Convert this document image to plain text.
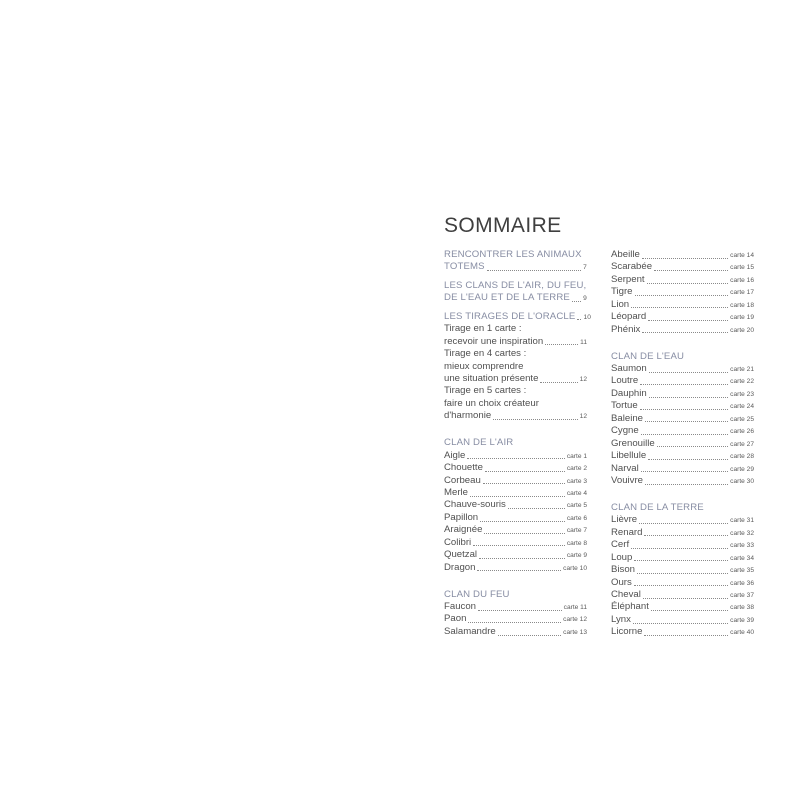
SOMMAIRE
RENCONTRER LES ANIMAUX
TOTEMS	7
LES CLANS DE L'AIR, DU FEU,
DE L'EAU ET DE LA TERRE 9
LES TIRAGES DE L'ORACLE 10
Tirage en 1 carte :
recevoir une inspiration	11
Tirage en 4 cartes :
mieux comprendre
une situation présente	12
Tirage en 5 cartes :
faire un choix créateur
d'harmonie	12
CLAN DE L'AIR
Aigle	carte 1
Chouette	carte 2
Corbeau	carte 3
Merle	carte 4
Chauve-souris	carte 5
Papillon	carte 6
Araignée	carte 7
Colibri	carte 8
Quetzal	carte 9
Dragon	carte 10
CLAN DU FEU
Faucon	carte 11
Paon	carte 12
Salamandre	carte 13
Abeille	carte 14
Scarabée	carte 15
Serpent	carte 16
Tigre	carte 17
Lion	carte 18
Léopard	carte 19
Phénix	carte 20
CLAN DE L'EAU
Saumon	carte 21
Loutre	carte 22
Dauphin	carte 23
Tortue	carte 24
Baleine	carte 25
Cygne	carte 26
Grenouille	carte 27
Libellule	carte 28
Narval	carte 29
Vouivre	carte 30
CLAN DE LA TERRE
Lièvre	carte 31
Renard	carte 32
Cerf	carte 33
Loup	carte 34
Bison	carte 35
Ours	carte 36
Cheval	carte 37
Éléphant	carte 38
Lynx	carte 39
Licorne	carte 40
